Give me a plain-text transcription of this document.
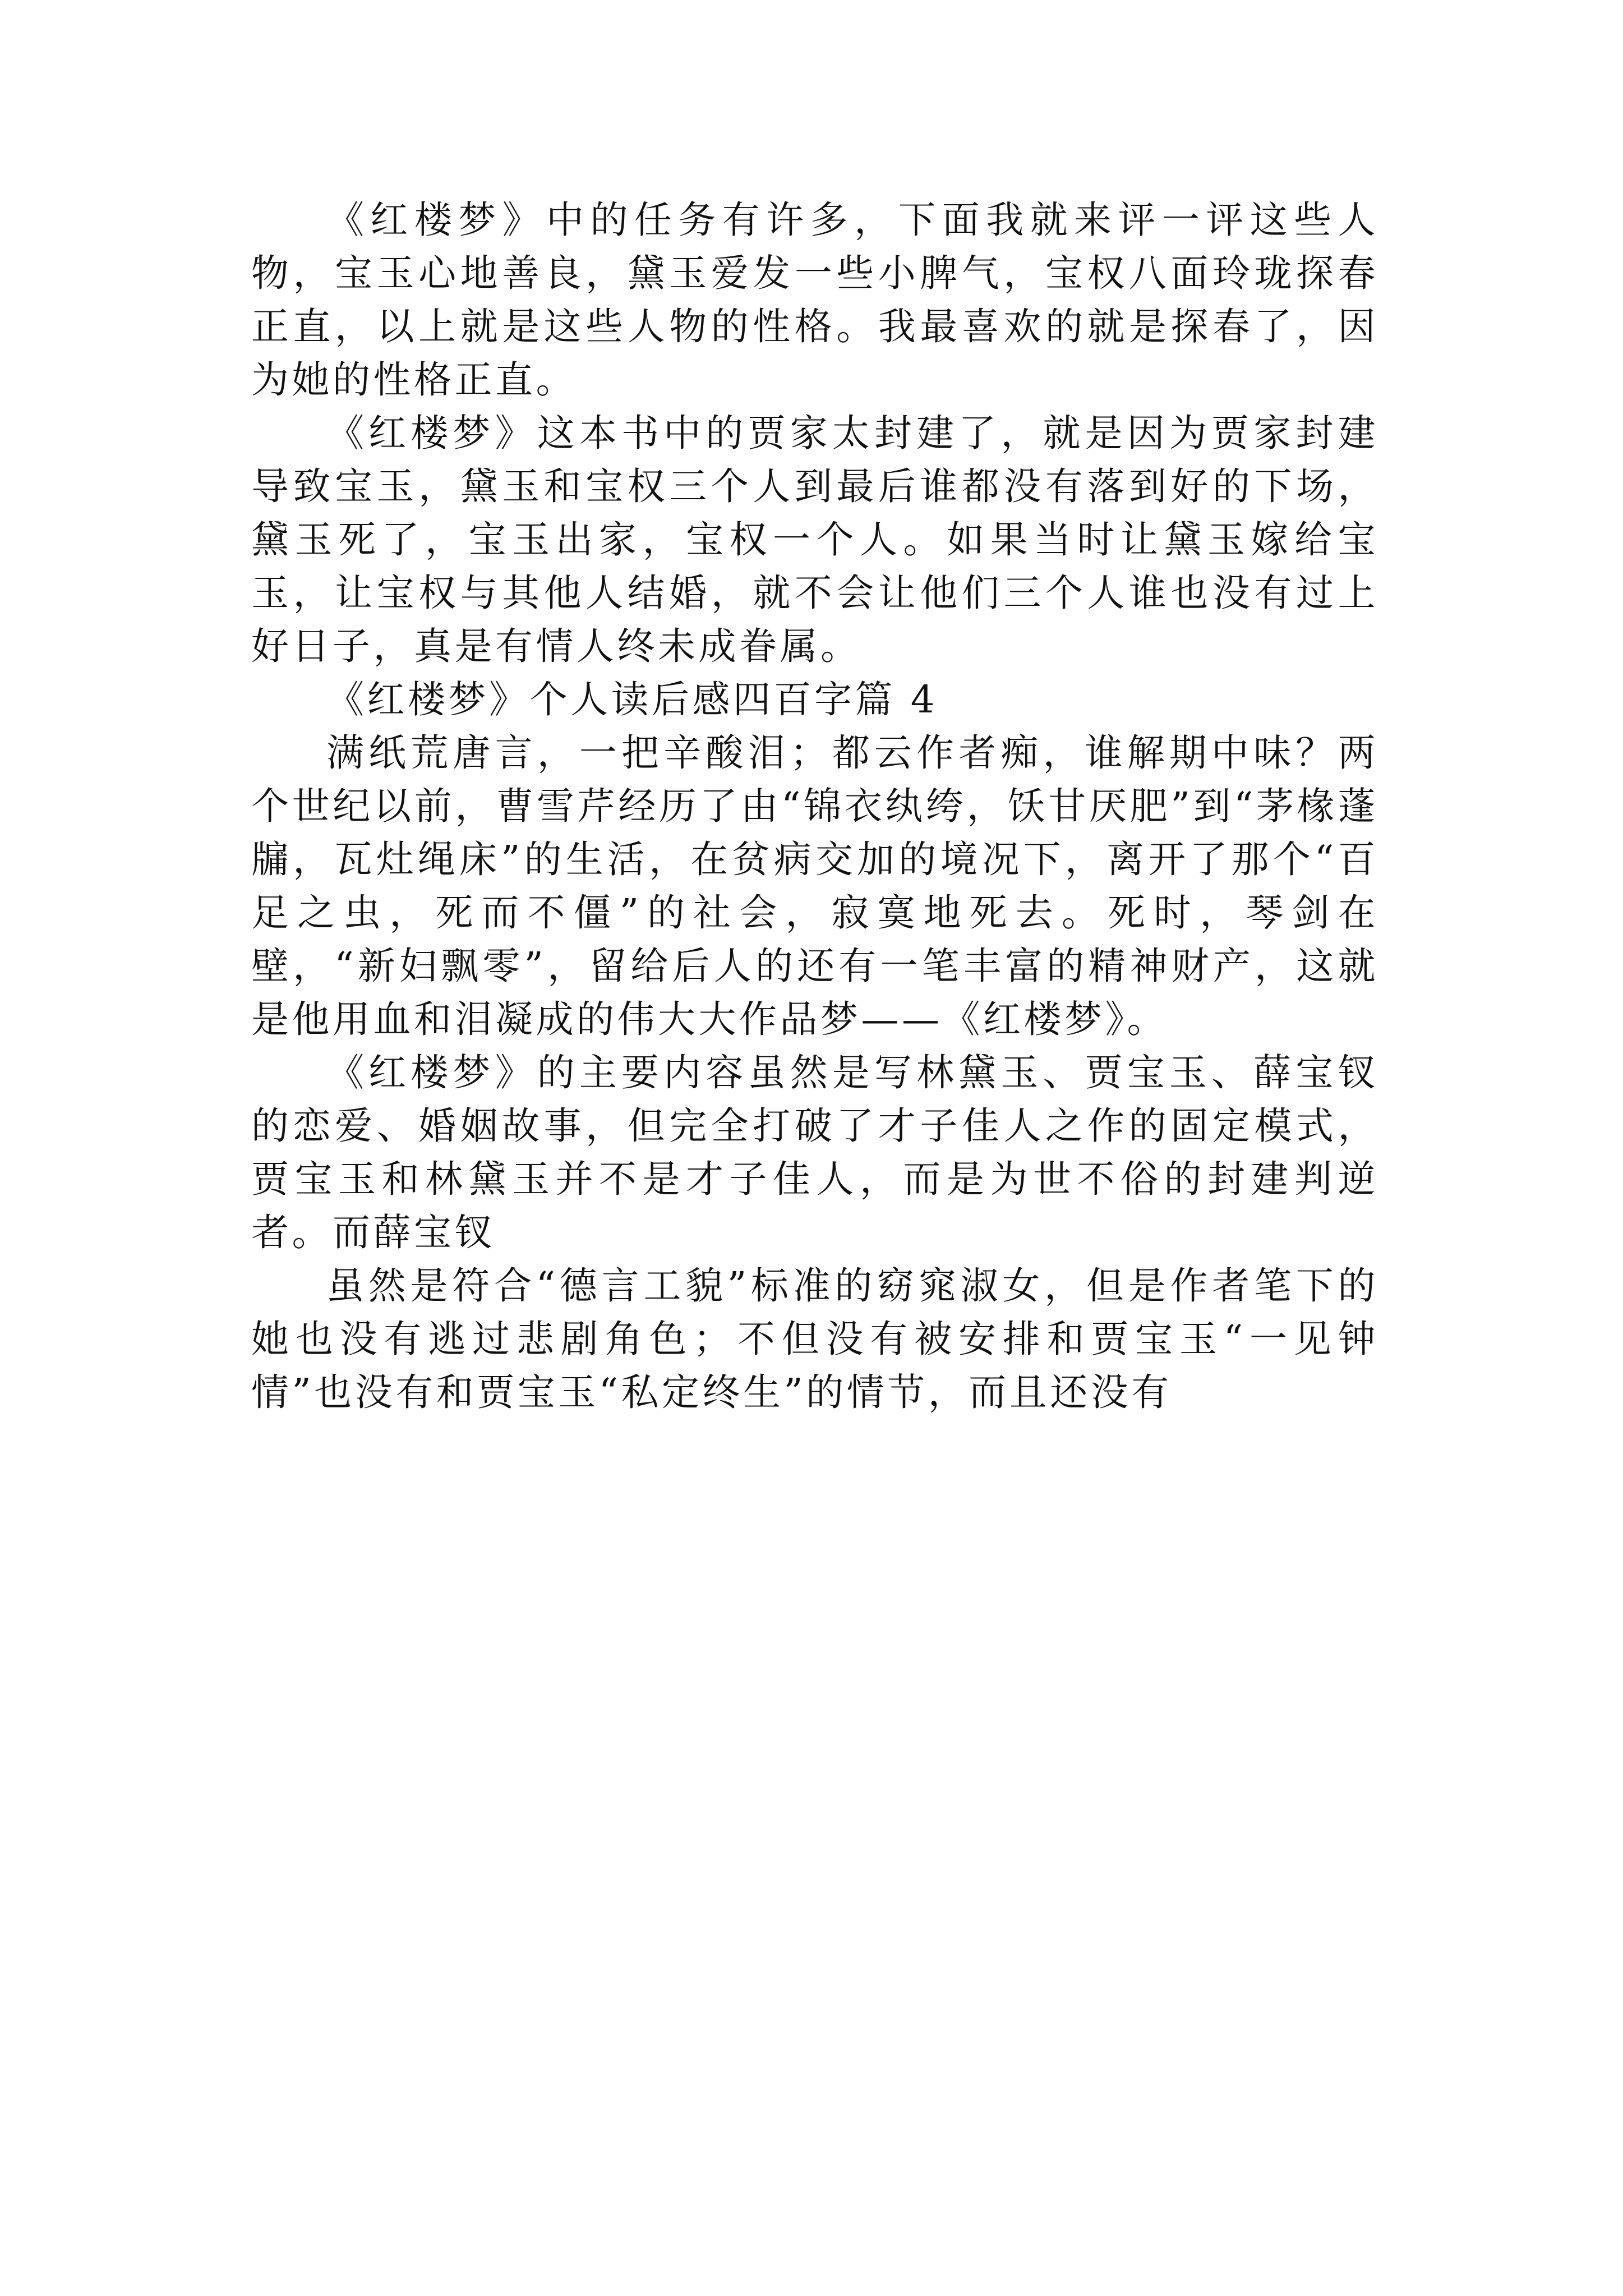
《红楼梦》中的任务有许多，下面我就来评一评这些人物，宝玉心地善良，黛玉爱发一些小脾气，宝权八面玲珑探春正直，以上就是这些人物的性格。我最喜欢的就是探春了，因为她的性格正直。

《红楼梦》这本书中的贾家太封建了，就是因为贾家封建导致宝玉，黛玉和宝权三个人到最后谁都没有落到好的下场，黛玉死了，宝玉出家，宝权一个人。如果当时让黛玉嫁给宝玉，让宝权与其他人结婚，就不会让他们三个人谁也没有过上好日子，真是有情人终未成眷属。

《红楼梦》个人读后感四百字篇 4

满纸荒唐言，一把辛酸泪；都云作者痴，谁解期中味？两个世纪以前，曹雪芹经历了由“锦衣纨绔，饫甘厌肥”到“茅椽蓬牖，瓦灶绳床”的生活，在贫病交加的境况下，离开了那个“百足之虫，死而不僵”的社会，寂寞地死去。死时，琴剑在壁，“新妇飘零”，留给后人的还有一笔丰富的精神财产，这就是他用血和泪凝成的伟大大作品梦——《红楼梦》。

《红楼梦》的主要内容虽然是写林黛玉、贾宝玉、薛宝钗的恋爱、婚姻故事，但完全打破了才子佳人之作的固定模式，贾宝玉和林黛玉并不是才子佳人，而是为世不俗的封建判逆者。而薛宝钗

虽然是符合“德言工貌”标准的窈窕淑女，但是作者笔下的她也没有逃过悲剧角色；不但没有被安排和贾宝玉“一见钟情”也没有和贾宝玉“私定终生”的情节，而且还没有
